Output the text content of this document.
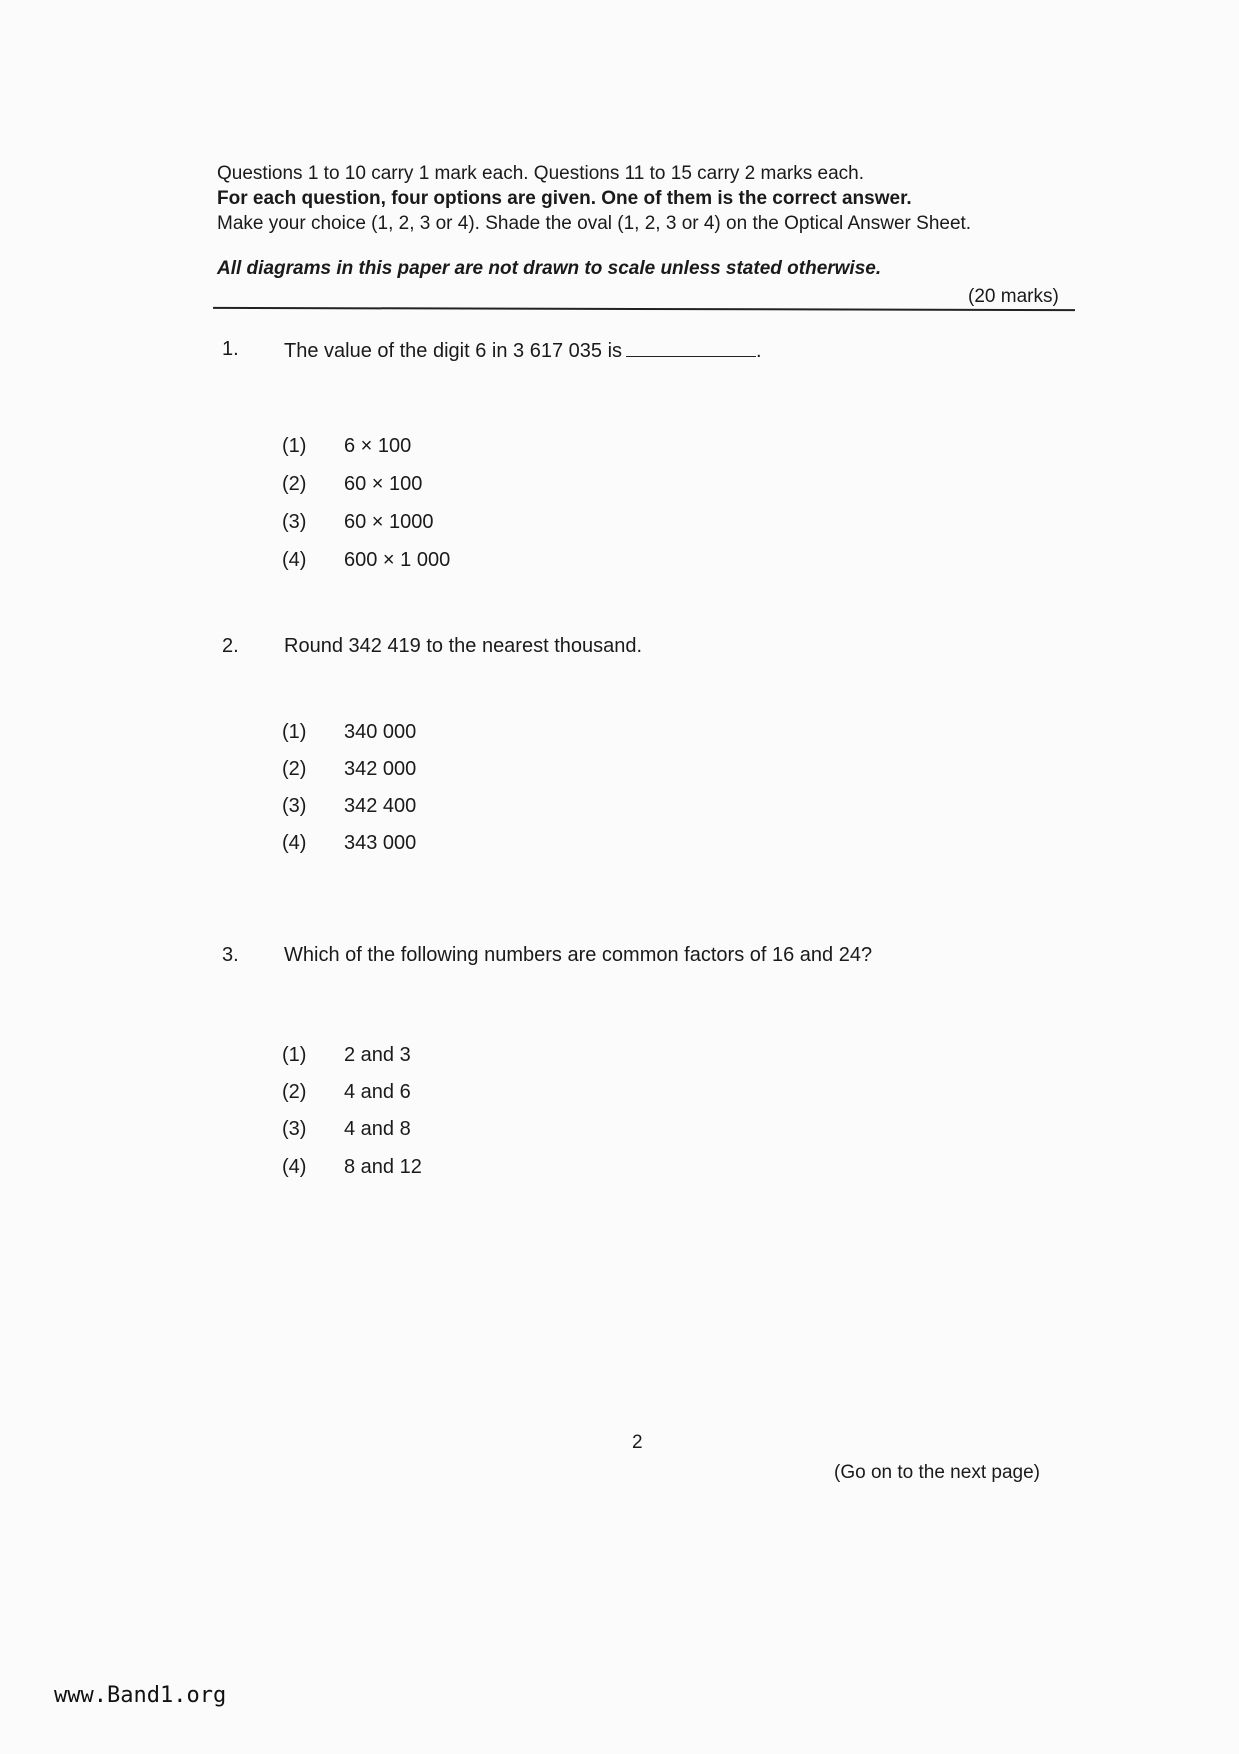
Questions 1 to 10 carry 1 mark each. Questions 11 to 15 carry 2 marks each.
For each question, four options are given. One of them is the correct answer.
Make your choice (1, 2, 3 or 4). Shade the oval (1, 2, 3 or 4) on the Optical Answer Sheet.
All diagrams in this paper are not drawn to scale unless stated otherwise.
(20 marks)
1.	The value of the digit 6 in 3 617 035 is	.
(1) 6 × 100
(2) 60 × 100
(3) 60 × 1000
(4) 600 × 1 000
2.	Round 342 419 to the nearest thousand.
(1) 340 000
(2) 342 000
(3) 342 400
(4) 343 000
3.	Which of the following numbers are common factors of 16 and 24?
(1) 2 and 3
(2) 4 and 6
(3) 4 and 8
(4) 8 and 12
2
(Go on to the next page)
www.Band1.org
